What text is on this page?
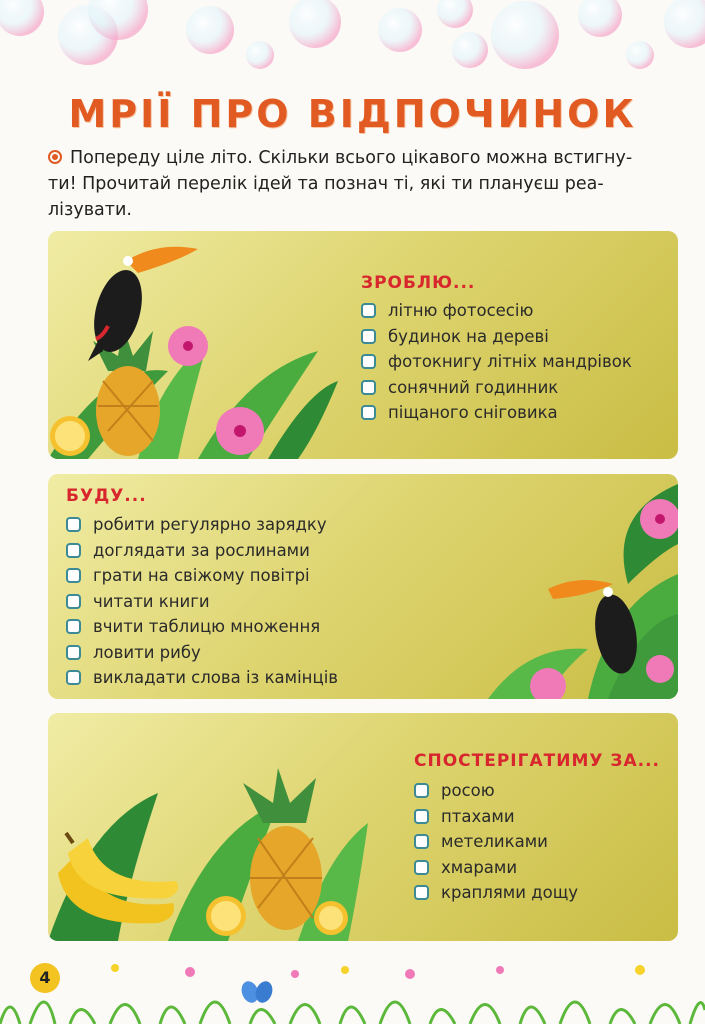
МРІЇ ПРО ВІДПОЧИНОК
Попереду ціле літо. Скільки всього цікавого можна встигну-
ти! Прочитай перелік ідей та познач ті, які ти плануєш реа-
лізувати.
ЗРОБЛЮ...
літню фотосесію
будинок на дереві
фотокнигу літніх мандрівок
сонячний годинник
піщаного сніговика
БУДУ...
робити регулярно зарядку
доглядати за рослинами
грати на свіжому повітрі
читати книги
вчити таблицю множення
ловити рибу
викладати слова із камінців
СПОСТЕРІГАТИМУ ЗА...
росою
птахами
метеликами
хмарами
краплями дощу
4
